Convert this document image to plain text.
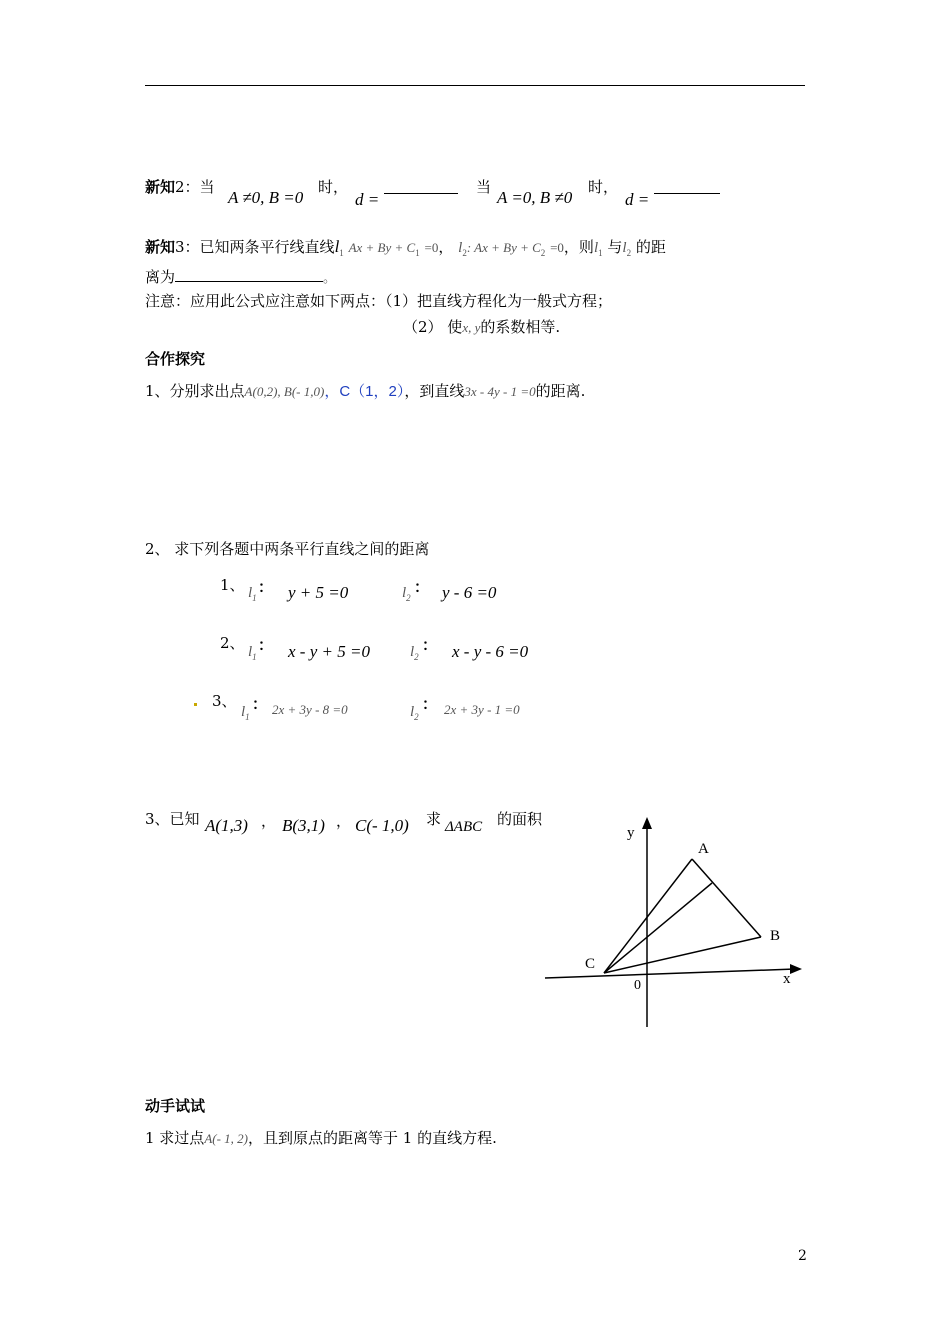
新知2：当
A ≠0, B =0
时，
d =
当
A =0, B ≠0
时，
d =
新知3：已知两条平行线直线$l_1$ $Ax + By + C_1 =0$， $l_2$: $Ax + By + C_2 =0$，则$l_1$ 与$l_2$ 的距
离为	。
注意：应用此公式应注意如下两点：（1）把直线方程化为一般式方程；
（2） 使x, y的系数相等.
合作探究
1、分别求出点A(0,2), B(- 1,0)，C（1，2），到直线3x - 4y - 1 =0的距离.
2、 求下列各题中两条平行直线之间的距离
1、 $l_1$
： y + 5 =0	$l_2$
： y - 6 =0
2、 $l_1$
： x - y + 5 =0	$l_2$
： x - y - 6 =0
3、
$l_1$
： 2x + 3y - 8 =0	$l_2$
： 2x + 3y - 1 =0
3、已知 A(1,3) ， B(3,1) ， C(- 1,0) 求 ΔABC 的面积
y
A
B
C
0	x
动手试试
1 求过点A(- 1, 2)，且到原点的距离等于 1 的直线方程.
2
